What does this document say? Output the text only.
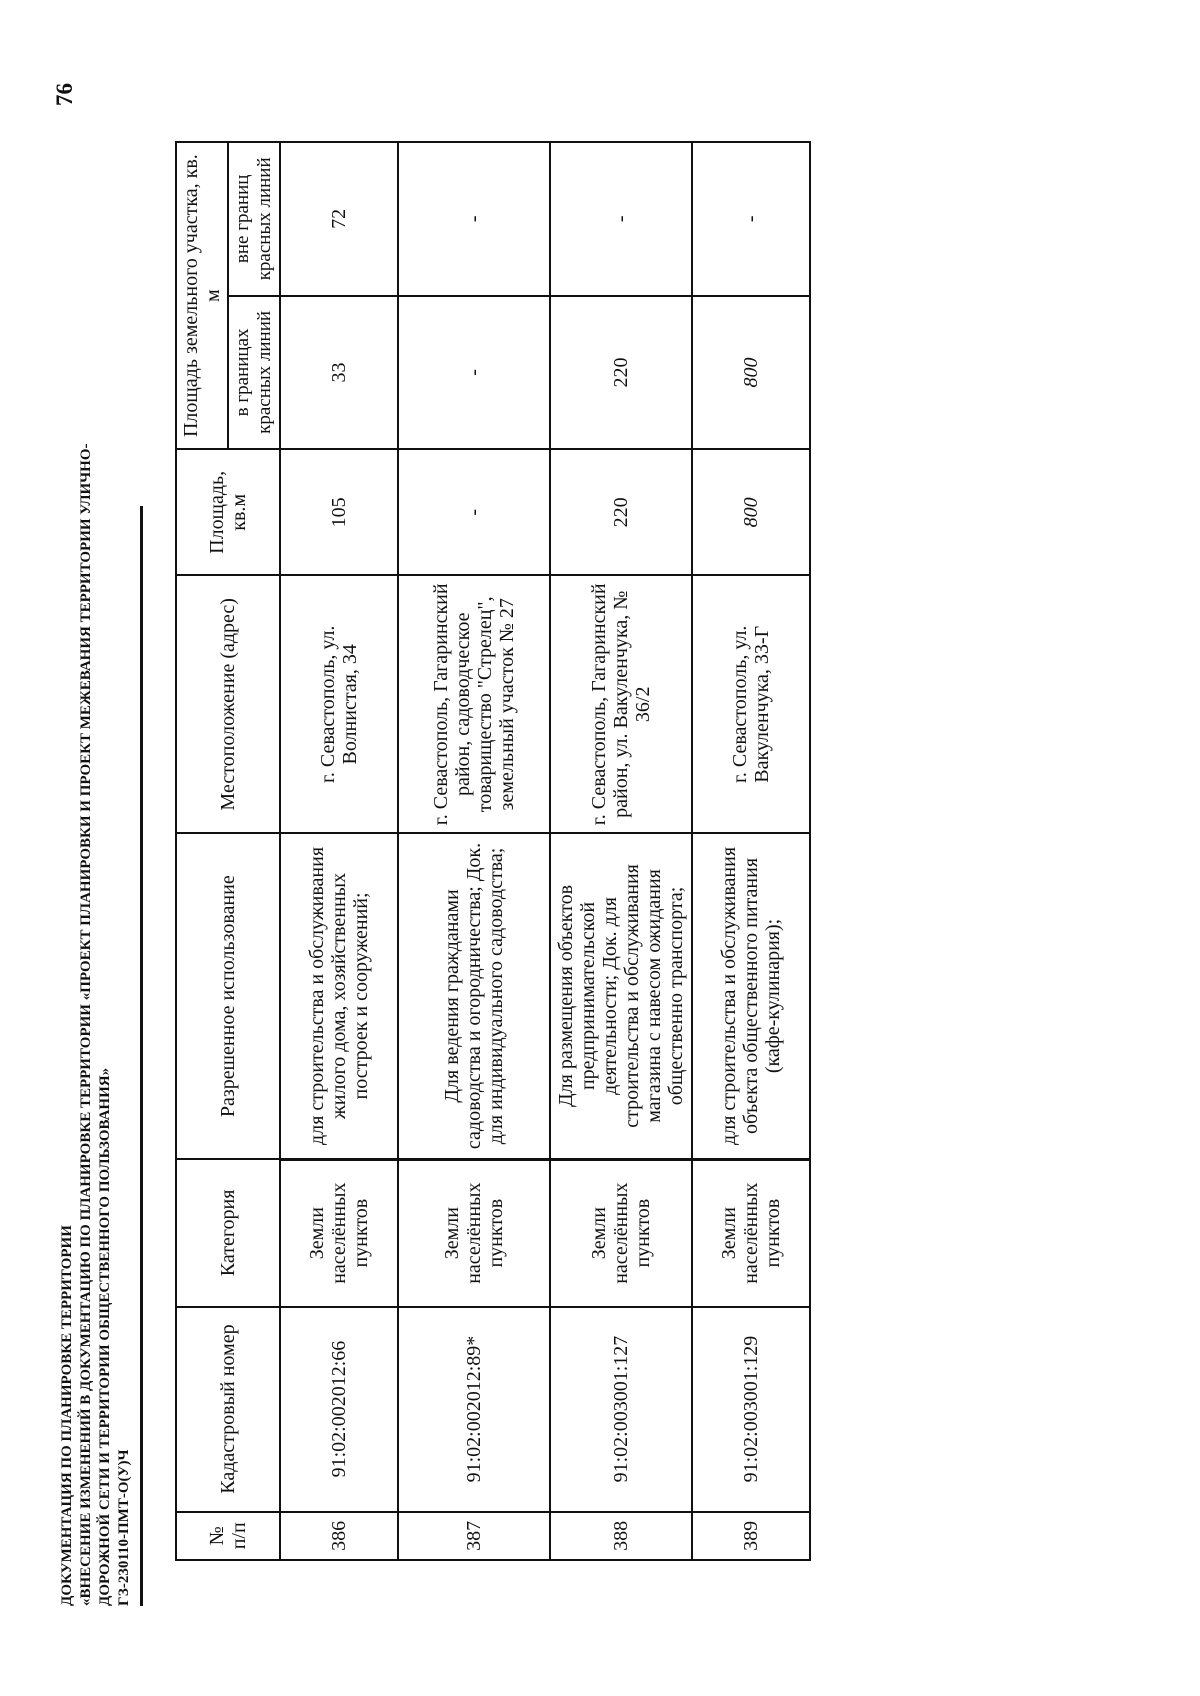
76
ДОКУМЕНТАЦИЯ ПО ПЛАНИРОВКЕ ТЕРРИТОРИИ «ВНЕСЕНИЕ ИЗМЕНЕНИЙ В ДОКУМЕНТАЦИЮ ПО ПЛАНИРОВКЕ ТЕРРИТОРИИ «ПРОЕКТ ПЛАНИРОВКИ И ПРОЕКТ МЕЖЕВАНИЯ ТЕРРИТОРИИ УЛИЧНО- ДОРОЖНОЙ СЕТИ И ТЕРРИТОРИИ ОБЩЕСТВЕННОГО ПОЛЬЗОВАНИЯ» ГЗ-230110-ПМТ-О(У)Ч	№ п/п	Кадастровый номер	Категория	Разрешенное использование	Местоположение (адрес)	Площадь, кв.м	Площадь земельного участка, кв. м	
						в границах красных линий	вне границ красных линий
386	91:02:002012:66	Земли населённых пунктов	для строительства и обслуживания жилого дома, хозяйственных построек и сооружений;	г. Севастополь, ул. Волнистая, 34	105	33	72
387	91:02:002012:89*	Земли населённых пунктов	Для ведения гражданами садоводства и огородничества; Док. для индивидуального садоводства;	г. Севастополь, Гагаринский район, садоводческое товарищество "Стрелец", земельный участок № 27	-	-	-
388	91:02:003001:127	Земли населённых пунктов	Для размещения объектов предпринимательской деятельности; Док. для строительства и обслуживания магазина с навесом ожидания общественно транспорта;	г. Севастополь, Гагаринский район, ул. Вакуленчука, № 36/2	220	220	-
389	91:02:003001:129	Земли населённых пунктов	для строительства и обслуживания объекта общественного питания (кафе-кулинария);	г. Севастополь, ул. Вакуленчука, 33-Г	800	800	-
